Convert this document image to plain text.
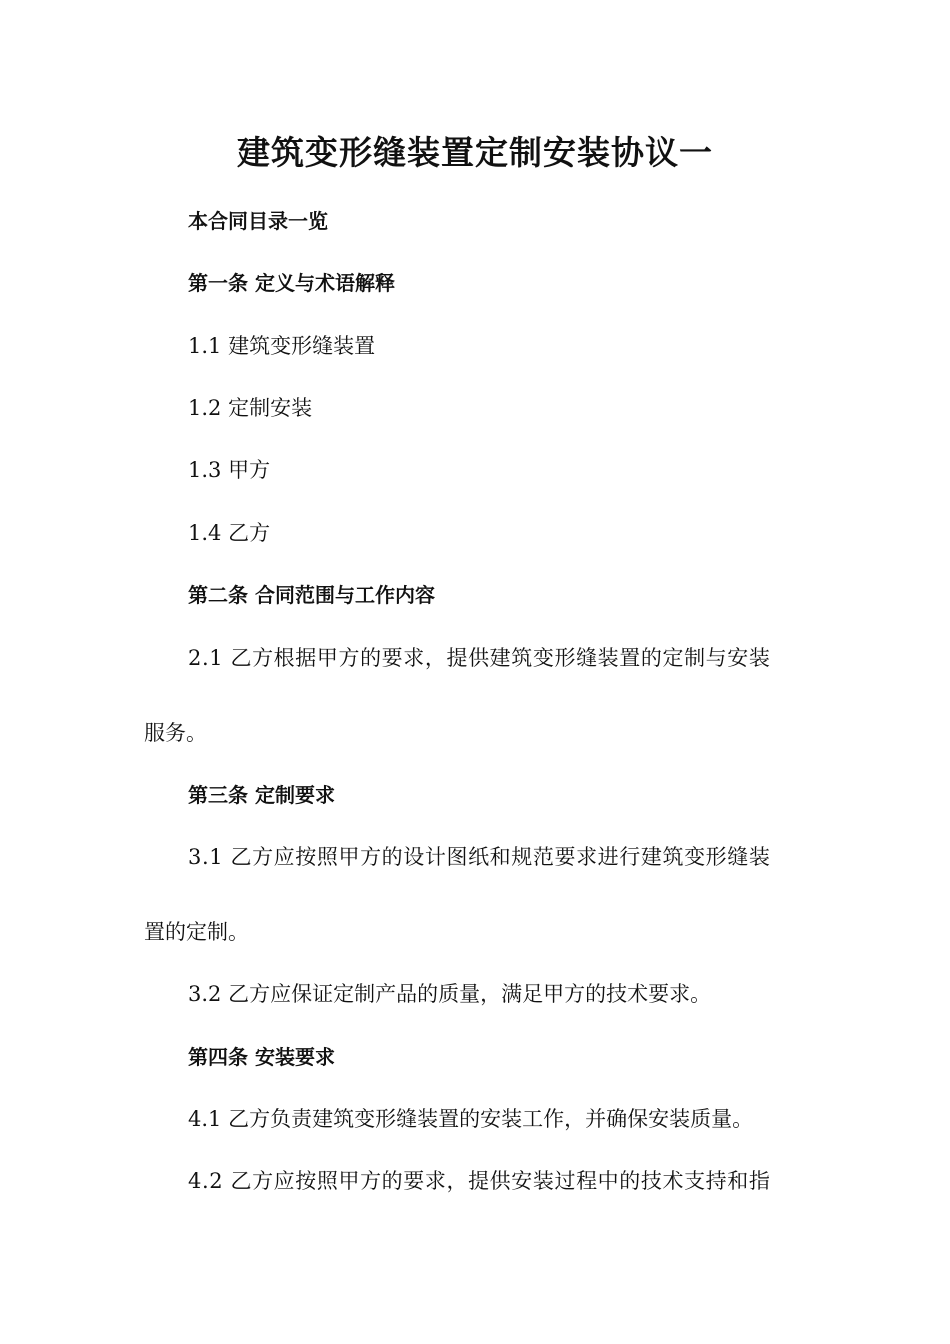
建筑变形缝装置定制安装协议一

本合同目录一览

第一条 定义与术语解释

1.1 建筑变形缝装置

1.2 定制安装

1.3 甲方

1.4 乙方

第二条 合同范围与工作内容

2.1 乙方根据甲方的要求，提供建筑变形缝装置的定制与安装

服务。

第三条 定制要求

3.1 乙方应按照甲方的设计图纸和规范要求进行建筑变形缝装

置的定制。

3.2 乙方应保证定制产品的质量，满足甲方的技术要求。

第四条 安装要求

4.1 乙方负责建筑变形缝装置的安装工作，并确保安装质量。

4.2 乙方应按照甲方的要求，提供安装过程中的技术支持和指
